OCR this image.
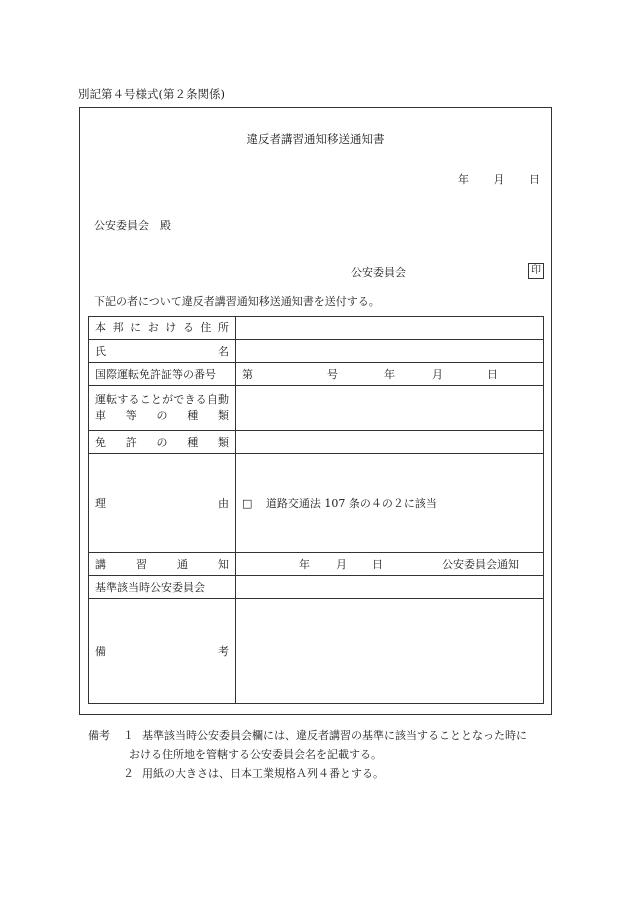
別記第４号様式(第２条関係)
違反者講習通知移送通知書
年 月 日
公安委員会　殿
公安委員会	印
下記の者について違反者講習通知移送通知書を送付する。
本邦における住所	

氏 名	

国際運転免許証等の番号	第 号 年 月 日

運転することができる自動車等の種類	

免 許 の 種 類	

理 由	□ 道路交通法 107 条の４の２に該当

講 習 通 知	年 月 日 公安委員会通知

基準該当時公安委員会	

備 考	

備考 １ 基準該当時公安委員会欄には、違反者講習の基準に該当することとなった時に
おける住所地を管轄する公安委員会名を記載する。
２ 用紙の大きさは、日本工業規格Ａ列４番とする。
